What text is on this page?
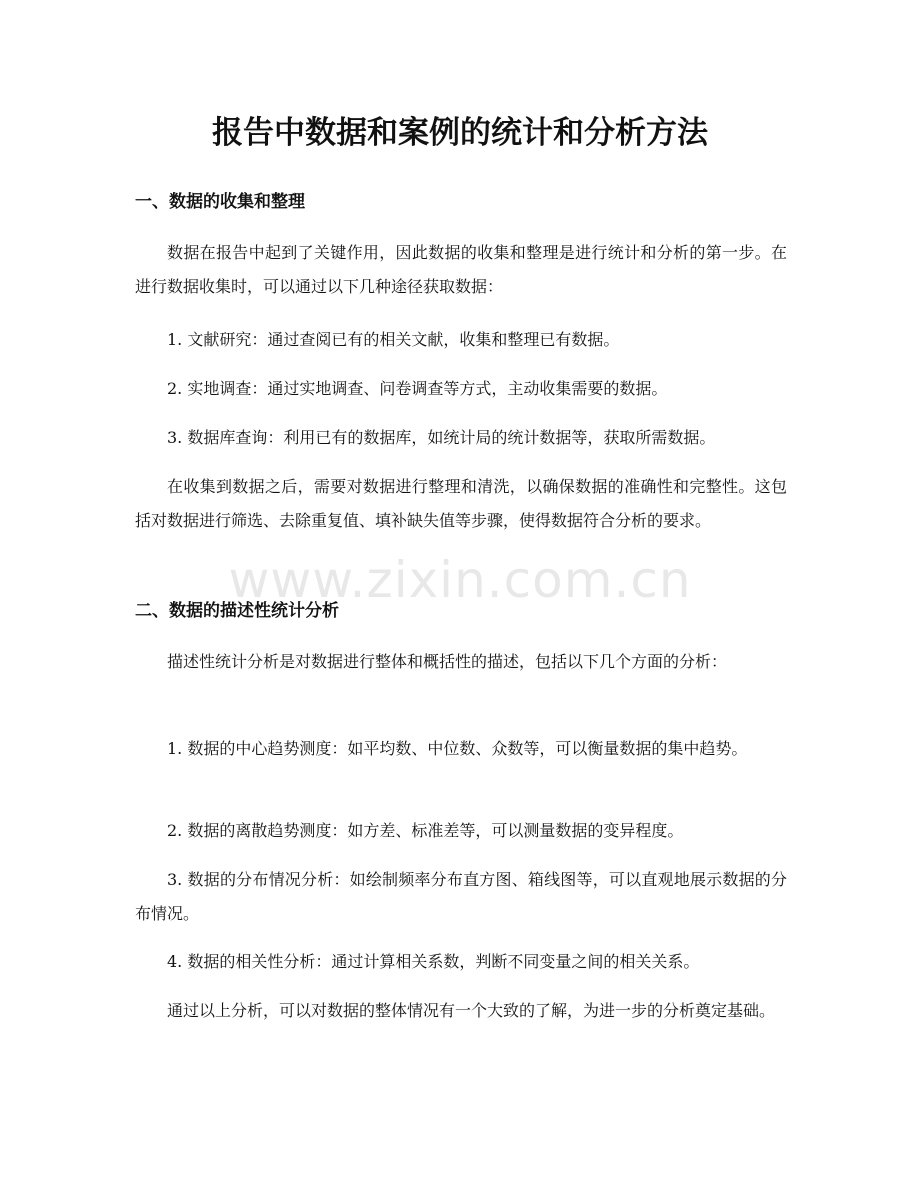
报告中数据和案例的统计和分析方法
一、数据的收集和整理

数据在报告中起到了关键作用，因此数据的收集和整理是进行统计和分析的第一步。在进行数据收集时，可以通过以下几种途径获取数据：

1. 文献研究：通过查阅已有的相关文献，收集和整理已有数据。

2. 实地调查：通过实地调查、问卷调查等方式，主动收集需要的数据。

3. 数据库查询：利用已有的数据库，如统计局的统计数据等，获取所需数据。

在收集到数据之后，需要对数据进行整理和清洗，以确保数据的准确性和完整性。这包括对数据进行筛选、去除重复值、填补缺失值等步骤，使得数据符合分析的要求。

二、数据的描述性统计分析

描述性统计分析是对数据进行整体和概括性的描述，包括以下几个方面的分析：

1. 数据的中心趋势测度：如平均数、中位数、众数等，可以衡量数据的集中趋势。

2. 数据的离散趋势测度：如方差、标准差等，可以测量数据的变异程度。

3. 数据的分布情况分析：如绘制频率分布直方图、箱线图等，可以直观地展示数据的分布情况。

4. 数据的相关性分析：通过计算相关系数，判断不同变量之间的相关关系。

通过以上分析，可以对数据的整体情况有一个大致的了解，为进一步的分析奠定基础。

www.zixin.com.cn
